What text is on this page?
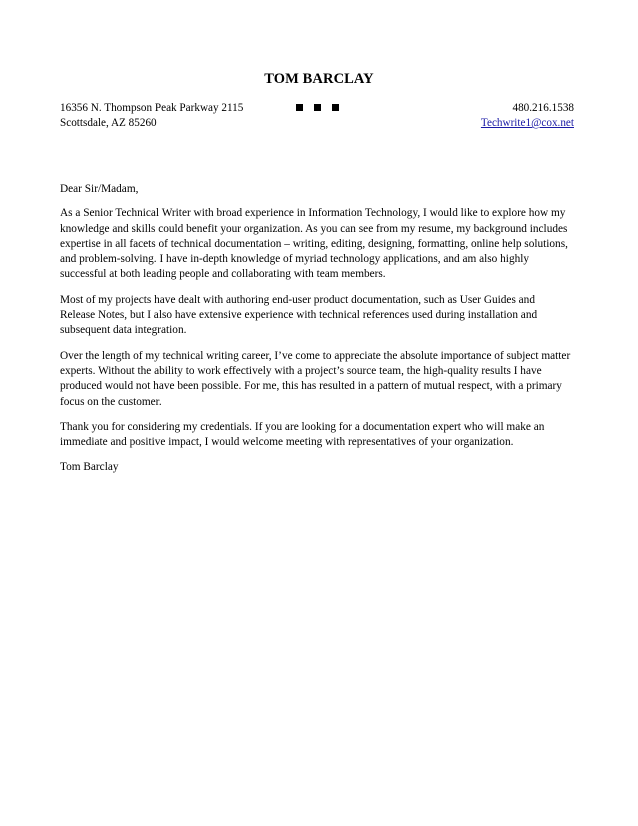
TOM BARCLAY
16356 N. Thompson Peak Parkway 2115	480.216.1538
Scottsdale, AZ 85260	Techwrite1@cox.net

Dear Sir/Madam,

As a Senior Technical Writer with broad experience in Information Technology, I would like to explore how my
knowledge and skills could benefit your organization. As you can see from my resume, my background includes
expertise in all facets of technical documentation – writing, editing, designing, formatting, online help solutions,
and problem-solving. I have in-depth knowledge of myriad technology applications, and am also highly
successful at both leading people and collaborating with team members.

Most of my projects have dealt with authoring end-user product documentation, such as User Guides and
Release Notes, but I also have extensive experience with technical references used during installation and
subsequent data integration.

Over the length of my technical writing career, I’ve come to appreciate the absolute importance of subject matter
experts. Without the ability to work effectively with a project’s source team, the high-quality results I have
produced would not have been possible. For me, this has resulted in a pattern of mutual respect, with a primary
focus on the customer.

Thank you for considering my credentials. If you are looking for a documentation expert who will make an
immediate and positive impact, I would welcome meeting with representatives of your organization.

Tom Barclay
